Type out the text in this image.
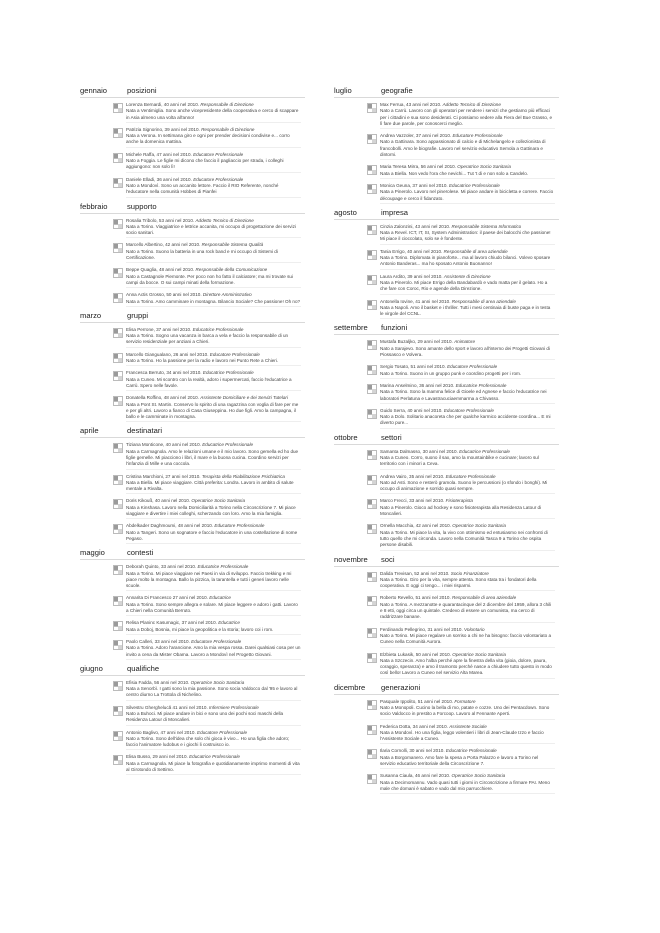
gennaio	posizioni
Lorenza Bernardi, 40 anni nel 2010. Responsabile di Direzione
Nata a Ventimiglia. Sono anche vicepresidente della cooperativa e cerco di scappare in Asia almeno una volta all'anno!
Patrizia Signorino, 39 anni nel 2010. Responsabile di Direzione
Nata a Verona. In settimana giro e ogni per prender decisioni condivise e... corro anche la domenica mattina.
Michele Raffa, 47 anni nel 2010. Educatore Professionale
Nato a Foggia. Le figlie mi dicono che faccio il pagliaccio per strada, i colleghi aggiungono: non solo lì!
Daniele Elladi, 36 anni nel 2010. Educatore Professionale
Nato a Mondovì. Sono un accanito lettore. Faccio il RIO Referente, nonché l'educatore nella comunità Hobbes di Pianfei
febbraio	supporto
Rosalia Tribolo, 53 anni nel 2010. Addetto Tecnico di Direzione
Nata a Torino. Viaggiatrice e lettrice accanita, mi occupo di progettazione dei servizi socio sanitari.
Marcello Albertino, 42 anni nel 2010. Responsabile Sistema Qualità
Nato a Torino. Suono la batteria in una rock band e mi occupo di Sistemi di Certificazione.
Beppe Quaglia, 48 anni nel 2010. Responsabile della Comunicazione
Nato a Castagnole Piemonte. Per poco non ho fatto il calciatore; ma mi trovate sui campi da bocce. O sui campi minati della formazione.
Anna Actis Grosso, 50 anni nel 2010. Direttore Amministrativo
Nata a Torino. Amo camminare in montagna. Bilancio Sociale? Che passione! Oh no?
marzo	gruppi
Elisa Perrone, 37 anni nel 2010. Educatrice Professionale
Nata a Torino. Sogno una vacanza in barca a vela e faccio la responsabile di un servizio residenziale per anziani a Chieri.
Marcello Giangualano, 26 anni nel 2010. Educatore Professionale
Nato a Torino. Ho la passione per la radio e lavoro nei Punto Rete a Chieri.
Francesca Berruto, 34 anni nel 2010. Educatrice Professionale
Nata a Cuneo. Mi scontro con la realtà, adoro i supermercati, faccio l'educatrice a Carrù. Spero nelle favole.
Donatella Roffino, 48 anni nel 2010. Assistente Domiciliare e dei Servizi Tutelari
Nata a Pont St. Martin. Conservo lo spirito di una ragazzina con voglia di fare per me e per gli altri. Lavoro a fianco di Casa Giuseppina. Ho due figli. Amo la campagna, il ballo e le camminate in montagna.
aprile	destinatari
Tiziana Monticone, 40 anni nel 2010. Educatrice Professionale
Nata a Carmagnola. Amo le relazioni umane e il mio lavoro. Sono gemella ed ho due figlie gemelle. Mi piacciono i libri, il mare e la buona cucina. Coordino servizi per l'infanzia di Mille e una coccola.
Cristina Marchioni, 27 anni nel 2010. Terapista della Riabilitazione Psichiatrica
Nata a Biella. Mi piace viaggiare. Città preferita: Londra. Lavoro in ambito di salute mentale a Rivalta.
Doris Kikouß, 40 anni nel 2010. Operatrice Socio Sanitaria
Nata a Kinshasa. Lavoro nella Domiciliarità a Torino nella Circoscrizione 7. Mi piace viaggiare e divertire i miei colleghi, scherzando con loro. Amo la mia famiglia.
Abdelkader Daghmoumi, 48 anni nel 2010. Educatore Professionale
Nato a Tangeri. Sono un sognatore e faccio l'educatore in una costellazione di nome Pegaso.
maggio	contesti
Deborah Quinto, 33 anni nel 2010. Educatrice Professionale
Nata a Torino. Mi piace viaggiare nei Paesi in via di sviluppo. Faccio trekking e mi piace molto la montagna. Ballo la pizzica, la tarantella e tutti i generi lavoro nelle scuole.
Annarita Di Francesco 27 anni nel 2010. Educatrice
Nata a Torino. Sono sempre allegra e solare. Mi piace leggere e adoro i gatti. Lavoro a Chieri nella Comunità Berruto.
Relisa Planinc Kasumagic, 37 anni nel 2010. Educatrice
Nata a Doboj, Bosnia, mi piace la geopolitica e la storia; lavoro coi i rom.
Paolo Calleri, 33 anni nel 2010. Educatore Professionale
Nato a Torino. Adoro l'arancione. Amo la mia vespa rossa. Darei qualsiasi cosa per un invito a cena da Mister Obama. Lavoro a Mondovì nel Progetto Giovani.
giugno	qualifiche
Efisia Fadda, 56 anni nel 2010. Operatrice Socio Sanitaria
Nata a Senorbì. I gatti sono la mia passione. Sono socia Valdocco dal '95 e lavoro al centro diurno La Trottola di Nichelino.
Silvestru Gherghelucă 41 anni nel 2010. Infermiere Professionale
Nato a Buhoci. Mi piace andare in bici e sono uno dei pochi soci maschi della Residenza Latour di Moncalieri.
Antonio Baglivo, 47 anni nel 2010. Educatore Professionale
Nato a Torino. Sono dell'idea che solo chi gioca è vivo... Ho una figlia che adoro; faccio l'animatore ludobus e i giochi li costruisco io.
Elisa Busso, 29 anni nel 2010. Educatrice Professionale
Nata a Carmagnola. Mi piace la fotografia e quotidianamente imprimo momenti di vita al Girotondo di Settimo.
luglio	geografie
Max Ferrua, 43 anni nel 2010. Addetto Tecnico di Direzione
Nato a Carrù. Lavoro con gli operatori per rendere i servizi che gestiamo più efficaci per i cittadini e sua sono desiderati. Ci possiamo vedere alla Fiera del Bue Grasso, e lì fare due parole, per conoscerci meglio.
Andrea Vazzoler, 37 anni nel 2010. Educatore Professionale
Nato a Gattinara. Sono appassionato di calcio e di Michelangelo e collezionista di francobolli. Amo le biografie. Lavoro nel servizio educativo Semola a Gattinara e dintorni.
Maria Teresa Mirra, 56 anni nel 2010. Operatrice Socio Sanitaria
Nata a Biella. Non vedo l'ora che nevichi... Tut 't di e non solo a Candelo.
Monica Geuna, 37 anni nel 2010. Educatrice Professionale
Nata a Pinerolo. Lavoro nel pinerolese. Mi piace andare in bicicletta e correre. Faccio découpage e cerco il fidanzato.
agosto	impresa
Cinzia Zalonzini, 43 anni nel 2010. Responsabile Sistema Informatico
Nata a Revel. ICT, IT, SI, System Administration: il paese dei balocchi che passione! Mi piace il cioccolato, solo se è fondente.
Tania Errigo, 40 anni nel 2010. Responsabile di area aziendale
Nata a Torino. Diplomata in pianoforte... ma al lavoro chiudo bilanci. Volevo sposare Antonio Banderas... ma ho sposato Antonio Buonanno!
Laura Ardito, 39 anni nel 2010. Assistente di Direzione
Nata a Pinerolo. Mi piace Errigo della Bandabardò e vado matta per il gelato. Ho a che fare con Coroc, Rio e agende della Direzione.
Antonella Iovine, 41 anni nel 2010. Responsabile di area aziendale
Nata a Napoli. Amo il basket e i thriller. Tutti i mesi centinaia di buste paga e in testa le virgole del CCNL.
settembre	funzioni
Mustafa Buzaljko, 29 anni nel 2010. Animatore
Nato a Sarajevo. Sono amante dello sport e lavoro all'interno dei Progetti Giovani di Piossasco e Volvera.
Sergio Tosato, 51 anni nel 2010. Educatore Professionale
Nato a Torino. Suono in un gruppo punk e coordino progetti per i rom.
Marina Anselmino, 36 anni nel 2010. Educatrice Professionale
Nata a Torino. Sono la mamma felice di Gioele ed Agnese e faccio l'educatrice nei laboratori Perlatuna e Lavastracuciaemmarma a Chivasso.
Guido Serra, 40 anni nel 2010. Educatore Professionale
Nato a Dolo. Solitario anacoreta che per qualche karmico accidente coordina... E mi diverto pure...
ottobre	settori
Samanta Dalmasso, 30 anni nel 2010. Educatrice Professionale
Nata a Cuneo. Corro, suono il sax, amo la mountainbike e cucinare; lavoro sul territorio con i minori a Ceva.
Andrea Vairo, 35 anni nel 2010. Educatore Professionale
Nato ad Asti. Sono e resterò gramola. Suono le percussioni (o sfondo i bonghi). Mi occupo di animazione e sorrido quasi sempre.
Marco Frecci, 33 anni nel 2010. Fisioterapista
Nato a Pinerolo. Gioco ad hockey e sono fisioterapista alla Residenza Latour di Moncalieri.
Ornella Macchia, 42 anni nel 2010. Operatrice Socio Sanitaria
Nata a Torino. Mi piace la vita, la vivo con ottimismo ed entusiasmo nei confronti di tutto quello che mi circonda. Lavoro nella Comunità Tasca 9 a Torino che ospita persone disabili.
novembre	soci
Dalida Trevisan, 52 anni nel 2010. Socio Finanziatore
Nata a Torino. Giro per la vita, sempre attenta. Sono stata tra i fondatori della cooperativa. E oggi ci tengo... i miei risparmi.
Roberto Revello, 51 anni nel 2010. Responsabile di area aziendale
Nato a Torino. A mezzanotte e quarantacinque del 2 dicembre del 1959, allora 3 chili e 8 etti, oggi circa un quintale. Credevo di essere un comunista, ma cerco di raddrizzare banane.
Ferdinando Pellegrino, 31 anni nel 2010. Volontario
Nato a Torino. Mi piace regalare un sorriso a chi ne ha bisogno: faccio volontariato a Cuneo nella Comunità Aurora.
Elzbieta Lukasik, 50 anni nel 2010. Operatrice Socio Sanitaria
Nata a Szczecin. Amo l'alba perché apre la finestra della vita (gioia, dolore, paura, coraggio, speranza) e amo il tramonto perché nasce a chiudere tutto questo in modo così bello! Lavoro a Cuneo nel servizio Alta Marea.
dicembre	generazioni
Pasquale Ippolito, 51 anni nel 2010. Formatore
Nato a Monopoli. Cucino la bella di mo, patate e cozze. Uno dei Pentacdown. Sono socio Valdocco in prestito a Forcoop. Lavoro al Fennante Aperti.
Federica Dotta, 34 anni nel 2010. Assistente Sociale
Nata a Mondovì. Ho una figlia, leggo volentieri i libri di Jean-Claude Izzo e faccio l'Assistente Sociale a Cuneo.
Ilaria Cornolli, 30 anni nel 2010. Educatrice Professionale
Nata a Borgomanero. Amo fare la spesa a Porta Palazzo e lavoro a Torino nel servizio educativo territoriale della Circoscrizione 7.
Susanna Ciaula, 46 anni nel 2010. Operatrice Socio Sanitaria
Nata a Decimomannu. Vado quasi tutti i giorni in Circoscrizione a firmare PAI. Meno male che domani è sabato e vado dal mio parrucchiere.
